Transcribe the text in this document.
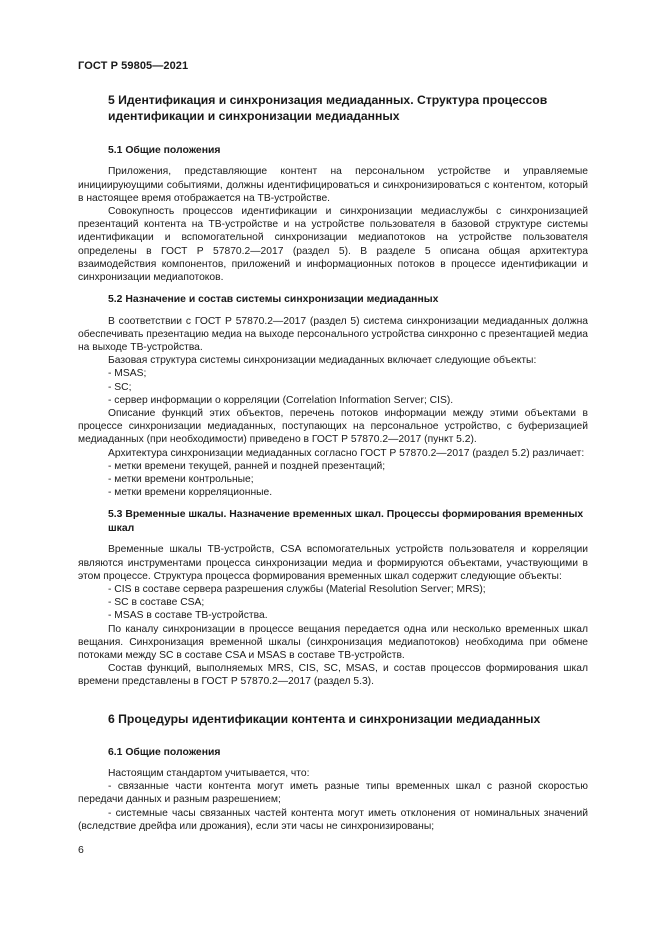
ГОСТ Р 59805—2021
5 Идентификация и синхронизация медиаданных. Структура процессов идентификации и синхронизации медиаданных
5.1 Общие положения

Приложения, представляющие контент на персональном устройстве и управляемые инициируюущими событиями, должны идентифицироваться и синхронизироваться с контентом, который в настоящее время отображается на ТВ-устройстве.

Совокупность процессов идентификации и синхронизации медиаслужбы с синхронизацией презентаций контента на ТВ-устройстве и на устройстве пользователя в базовой структуре системы идентификации и вспомогательной синхронизации медиапотоков на устройстве пользователя определены в ГОСТ Р 57870.2—2017 (раздел 5). В разделе 5 описана общая архитектура взаимодействия компонентов, приложений и информационных потоков в процессе идентификации и синхронизации медиапотоков.

5.2 Назначение и состав системы синхронизации медиаданных

В соответствии с ГОСТ Р 57870.2—2017 (раздел 5) система синхронизации медиаданных должна обеспечивать презентацию медиа на выходе персонального устройства синхронно с презентацией медиа на выходе ТВ-устройства.

Базовая структура системы синхронизации медиаданных включает следующие объекты:

- MSAS;

- SC;

- сервер информации о корреляции (Correlation Information Server; CIS).

Описание функций этих объектов, перечень потоков информации между этими объектами в процессе синхронизации медиаданных, поступающих на персональное устройство, с буферизацией медиаданных (при необходимости) приведено в ГОСТ Р 57870.2—2017 (пункт 5.2).

Архитектура синхронизации медиаданных согласно ГОСТ Р 57870.2—2017 (раздел 5.2) различает:

- метки времени текущей, ранней и поздней презентаций;

- метки времени контрольные;

- метки времени корреляционные.

5.3 Временные шкалы. Назначение временных шкал. Процессы формирования временных шкал

Временные шкалы ТВ-устройств, CSA вспомогательных устройств пользователя и корреляции являются инструментами процесса синхронизации медиа и формируются объектами, участвующими в этом процессе. Структура процесса формирования временных шкал содержит следующие объекты:

- CIS в составе сервера разрешения службы (Material Resolution Server; MRS);

- SC в составе CSA;

- MSAS в составе ТВ-устройства.

По каналу синхронизации в процессе вещания передается одна или несколько временных шкал вещания. Синхронизация временной шкалы (синхронизация медиапотоков) необходима при обмене потоками между SC в составе CSA и MSAS в составе ТВ-устройств.

Состав функций, выполняемых MRS, CIS, SC, MSAS, и состав процессов формирования шкал времени представлены в ГОСТ Р 57870.2—2017 (раздел 5.3).

6 Процедуры идентификации контента и синхронизации медиаданных
6.1 Общие положения

Настоящим стандартом учитывается, что:

- связанные части контента могут иметь разные типы временных шкал с разной скоростью передачи данных и разным разрешением;

- системные часы связанных частей контента могут иметь отклонения от номинальных значений (вследствие дрейфа или дрожания), если эти часы не синхронизированы;

6
